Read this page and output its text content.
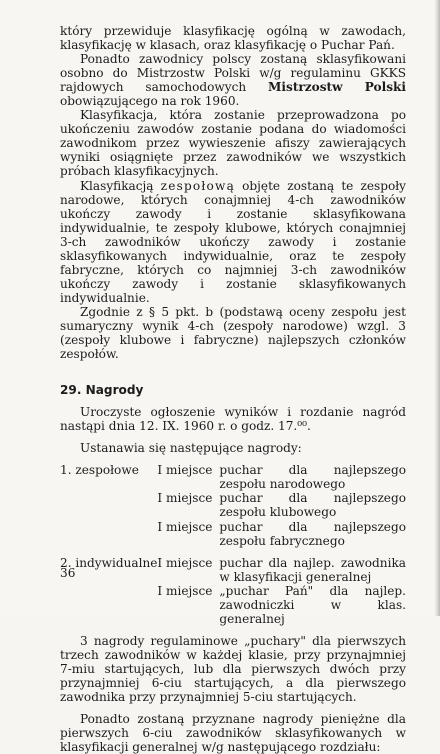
który przewiduje klasyfikację ogólną w zawodach, klasyfikację w klasach, oraz klasyfikację o Puchar Pań.

Ponadto zawodnicy polscy zostaną sklasyfikowani osobno do Mistrzostw Polski w/g regulaminu GKKS rajdowych samochodowych Mistrzostw Polski obowiązującego na rok 1960.

Klasyfikacja, która zostanie przeprowadzona po ukończeniu zawodów zostanie podana do wiadomości zawodnikom przez wywieszenie afiszy zawierających wyniki osiągnięte przez zawodników we wszystkich próbach klasyfikacyjnych.

Klasyfikacją zespołową objęte zostaną te zespoły narodowe, których conajmniej 4-ch zawodników ukończy zawody i zostanie sklasyfikowana indywidualnie, te zespoły klubowe, których conajmniej 3-ch zawodników ukończy zawody i zostanie sklasyfikowanych indywidualnie, oraz te zespoły fabryczne, których co najmniej 3-ch zawodników ukończy zawody i zostanie sklasyfikowanych indywidualnie.

Zgodnie z § 5 pkt. b (podstawą oceny zespołu jest sumaryczny wynik 4-ch (zespoły narodowe) wzgl. 3 (zespoły klubowe i fabryczne) najlepszych członków zespołów.

29. Nagrody

Uroczyste ogłoszenie wyników i rozdanie nagród nastąpi dnia 12. IX. 1960 r. o godz. 17.⁰⁰.

Ustanawia się następujące nagrody:

1. zespołowe	I miejsce	puchar dla najlepszego zespołu narodowego
	I miejsce	puchar dla najlepszego zespołu klubowego
	I miejsce	puchar dla najlepszego zespołu fabrycznego

2. indywidualne	I miejsce	puchar dla najlep. zawodnika w klasyfikacji generalnej
	I miejsce	„puchar Pań" dla najlep. zawodniczki w klas. generalnej

3 nagrody regulaminowe „puchary" dla pierwszych trzech zawodników w każdej klasie, przy przynajmniej 7-miu startujących, lub dla pierwszych dwóch przy przynajmniej 6-ciu startujących, a dla pierwszego zawodnika przy przynajmniej 5-ciu startujących.

Ponadto zostaną przyznane nagrody pieniężne dla pierwszych 6-ciu zawodników sklasyfikowanych w klasyfikacji generalnej w/g następującego rozdziału:

36
